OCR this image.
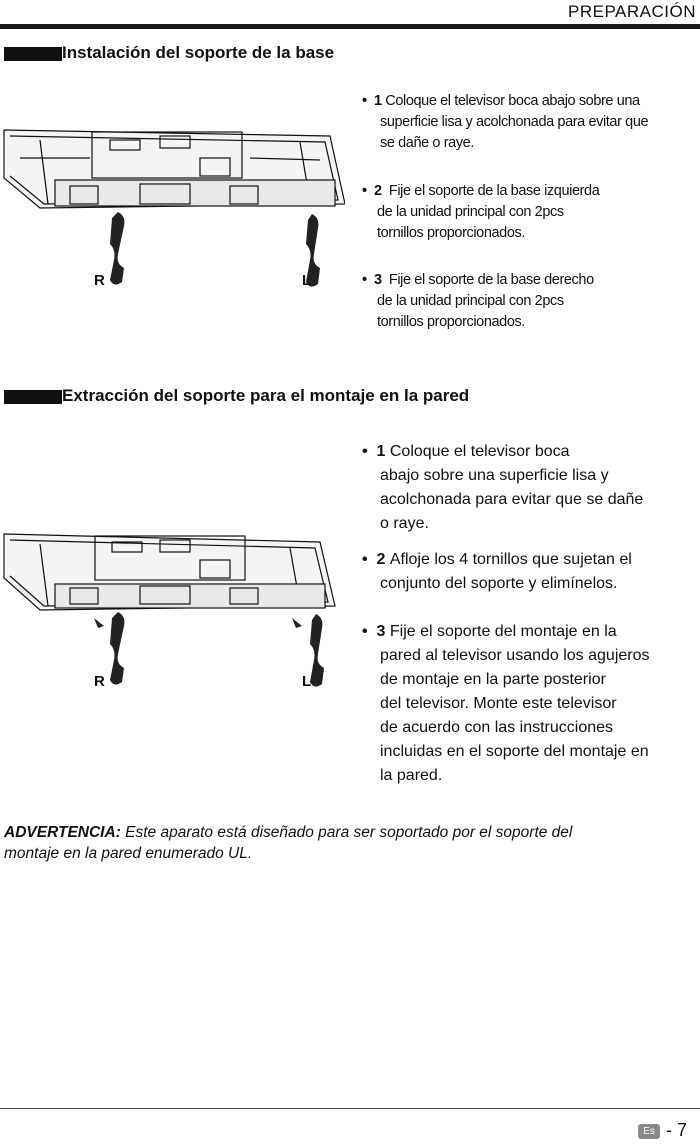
PREPARACIÓN
Instalación del soporte de la base
R	L
• 1 Coloque el televisor boca abajo sobre una
superficie lisa y acolchonada para evitar que
se dañe o raye.
• 2 Fije el soporte de la base izquierda
de la unidad principal con 2pcs
tornillos proporcionados.
• 3 Fije el soporte de la base derecho
de la unidad principal con 2pcs
tornillos proporcionados.
Extracción del soporte para el montaje en la pared
R	L
• 1 Coloque el televisor boca
abajo sobre una superficie lisa y
acolchonada para evitar que se dañe
o raye.
• 2 Afloje los 4 tornillos que sujetan el
conjunto del soporte y elimínelos.
• 3 Fije el soporte del montaje en la
pared al televisor usando los agujeros
de montaje en la parte posterior
del televisor. Monte este televisor
de acuerdo con las instrucciones
incluidas en el soporte del montaje en
la pared.
ADVERTENCIA: Este aparato está diseñado para ser soportado por el soporte del
montaje en la pared enumerado UL.
Es - 7
